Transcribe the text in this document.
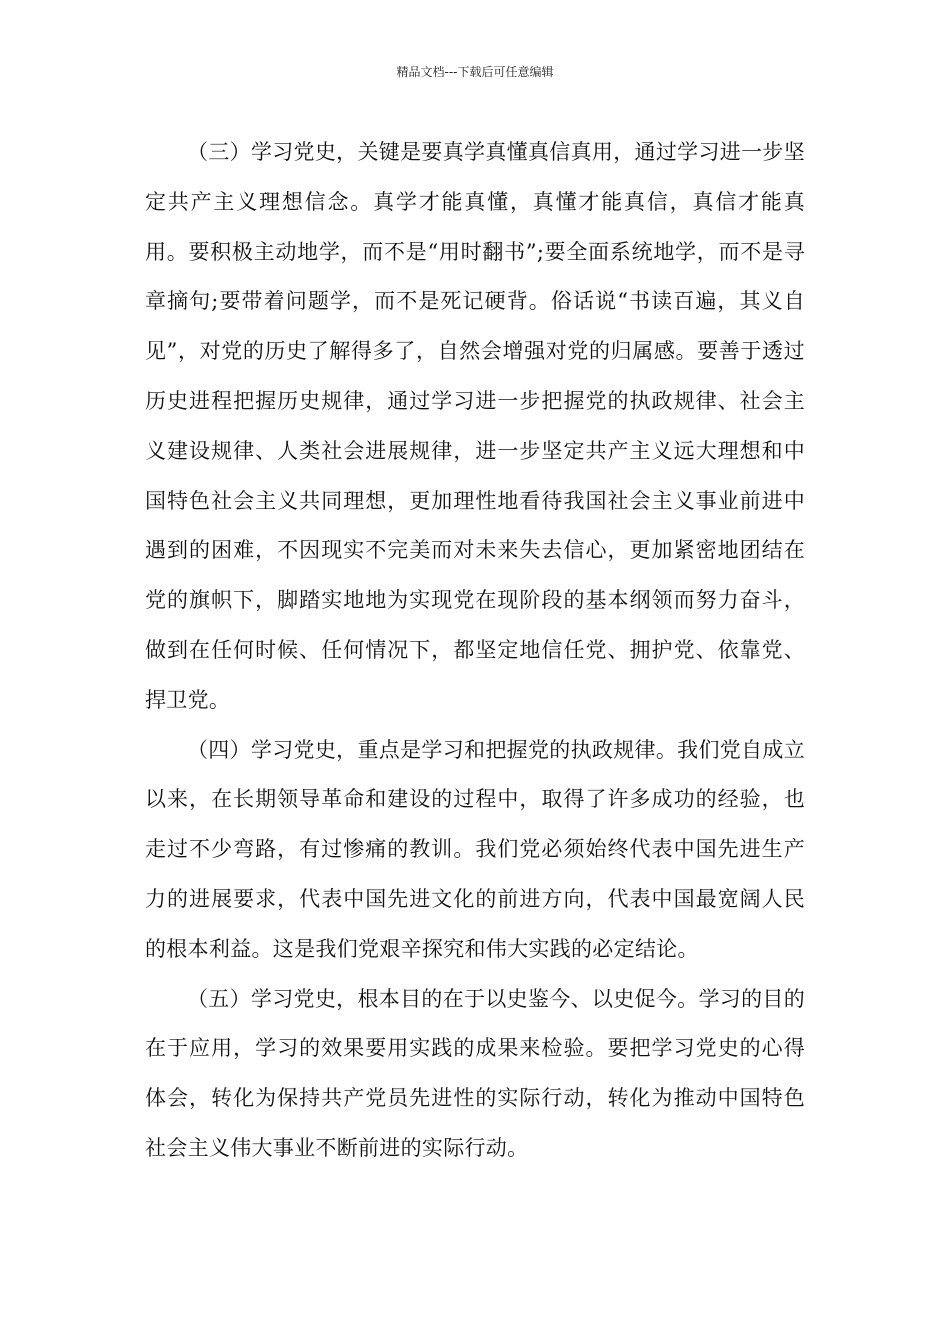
精品文档---下载后可任意编辑

（三）学习党史，关键是要真学真懂真信真用，通过学习进一步坚定共产主义理想信念。真学才能真懂，真懂才能真信，真信才能真用。要积极主动地学，而不是“用时翻书”;要全面系统地学，而不是寻章摘句;要带着问题学，而不是死记硬背。俗话说“书读百遍，其义自见”，对党的历史了解得多了，自然会增强对党的归属感。要善于透过历史进程把握历史规律，通过学习进一步把握党的执政规律、社会主义建设规律、人类社会进展规律，进一步坚定共产主义远大理想和中国特色社会主义共同理想，更加理性地看待我国社会主义事业前进中遇到的困难，不因现实不完美而对未来失去信心，更加紧密地团结在党的旗帜下，脚踏实地地为实现党在现阶段的基本纲领而努力奋斗，做到在任何时候、任何情况下，都坚定地信任党、拥护党、依靠党、捍卫党。

（四）学习党史，重点是学习和把握党的执政规律。我们党自成立以来，在长期领导革命和建设的过程中，取得了许多成功的经验，也走过不少弯路，有过惨痛的教训。我们党必须始终代表中国先进生产力的进展要求，代表中国先进文化的前进方向，代表中国最宽阔人民的根本利益。这是我们党艰辛探究和伟大实践的必定结论。

（五）学习党史，根本目的在于以史鉴今、以史促今。学习的目的在于应用，学习的效果要用实践的成果来检验。要把学习党史的心得体会，转化为保持共产党员先进性的实际行动，转化为推动中国特色社会主义伟大事业不断前进的实际行动。
